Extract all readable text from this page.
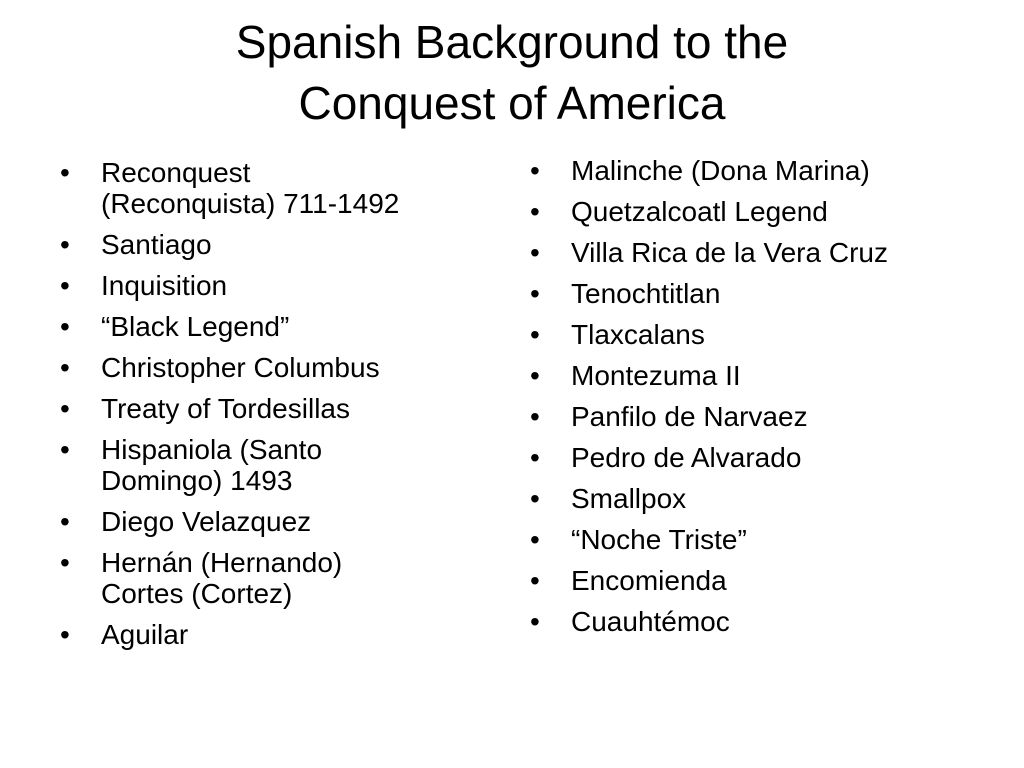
Spanish Background to the
Conquest of America
• Reconquest
(Reconquista) 711-1492
• Santiago
• Inquisition
• “Black Legend”
• Christopher Columbus
• Treaty of Tordesillas
• Hispaniola (Santo
Domingo) 1493
• Diego Velazquez
• Hernán (Hernando)
Cortes (Cortez)
• Aguilar
• Malinche (Dona Marina)
• Quetzalcoatl Legend
• Villa Rica de la Vera Cruz
• Tenochtitlan
• Tlaxcalans
• Montezuma II
• Panfilo de Narvaez
• Pedro de Alvarado
• Smallpox
• “Noche Triste”
• Encomienda
• Cuauhtémoc
